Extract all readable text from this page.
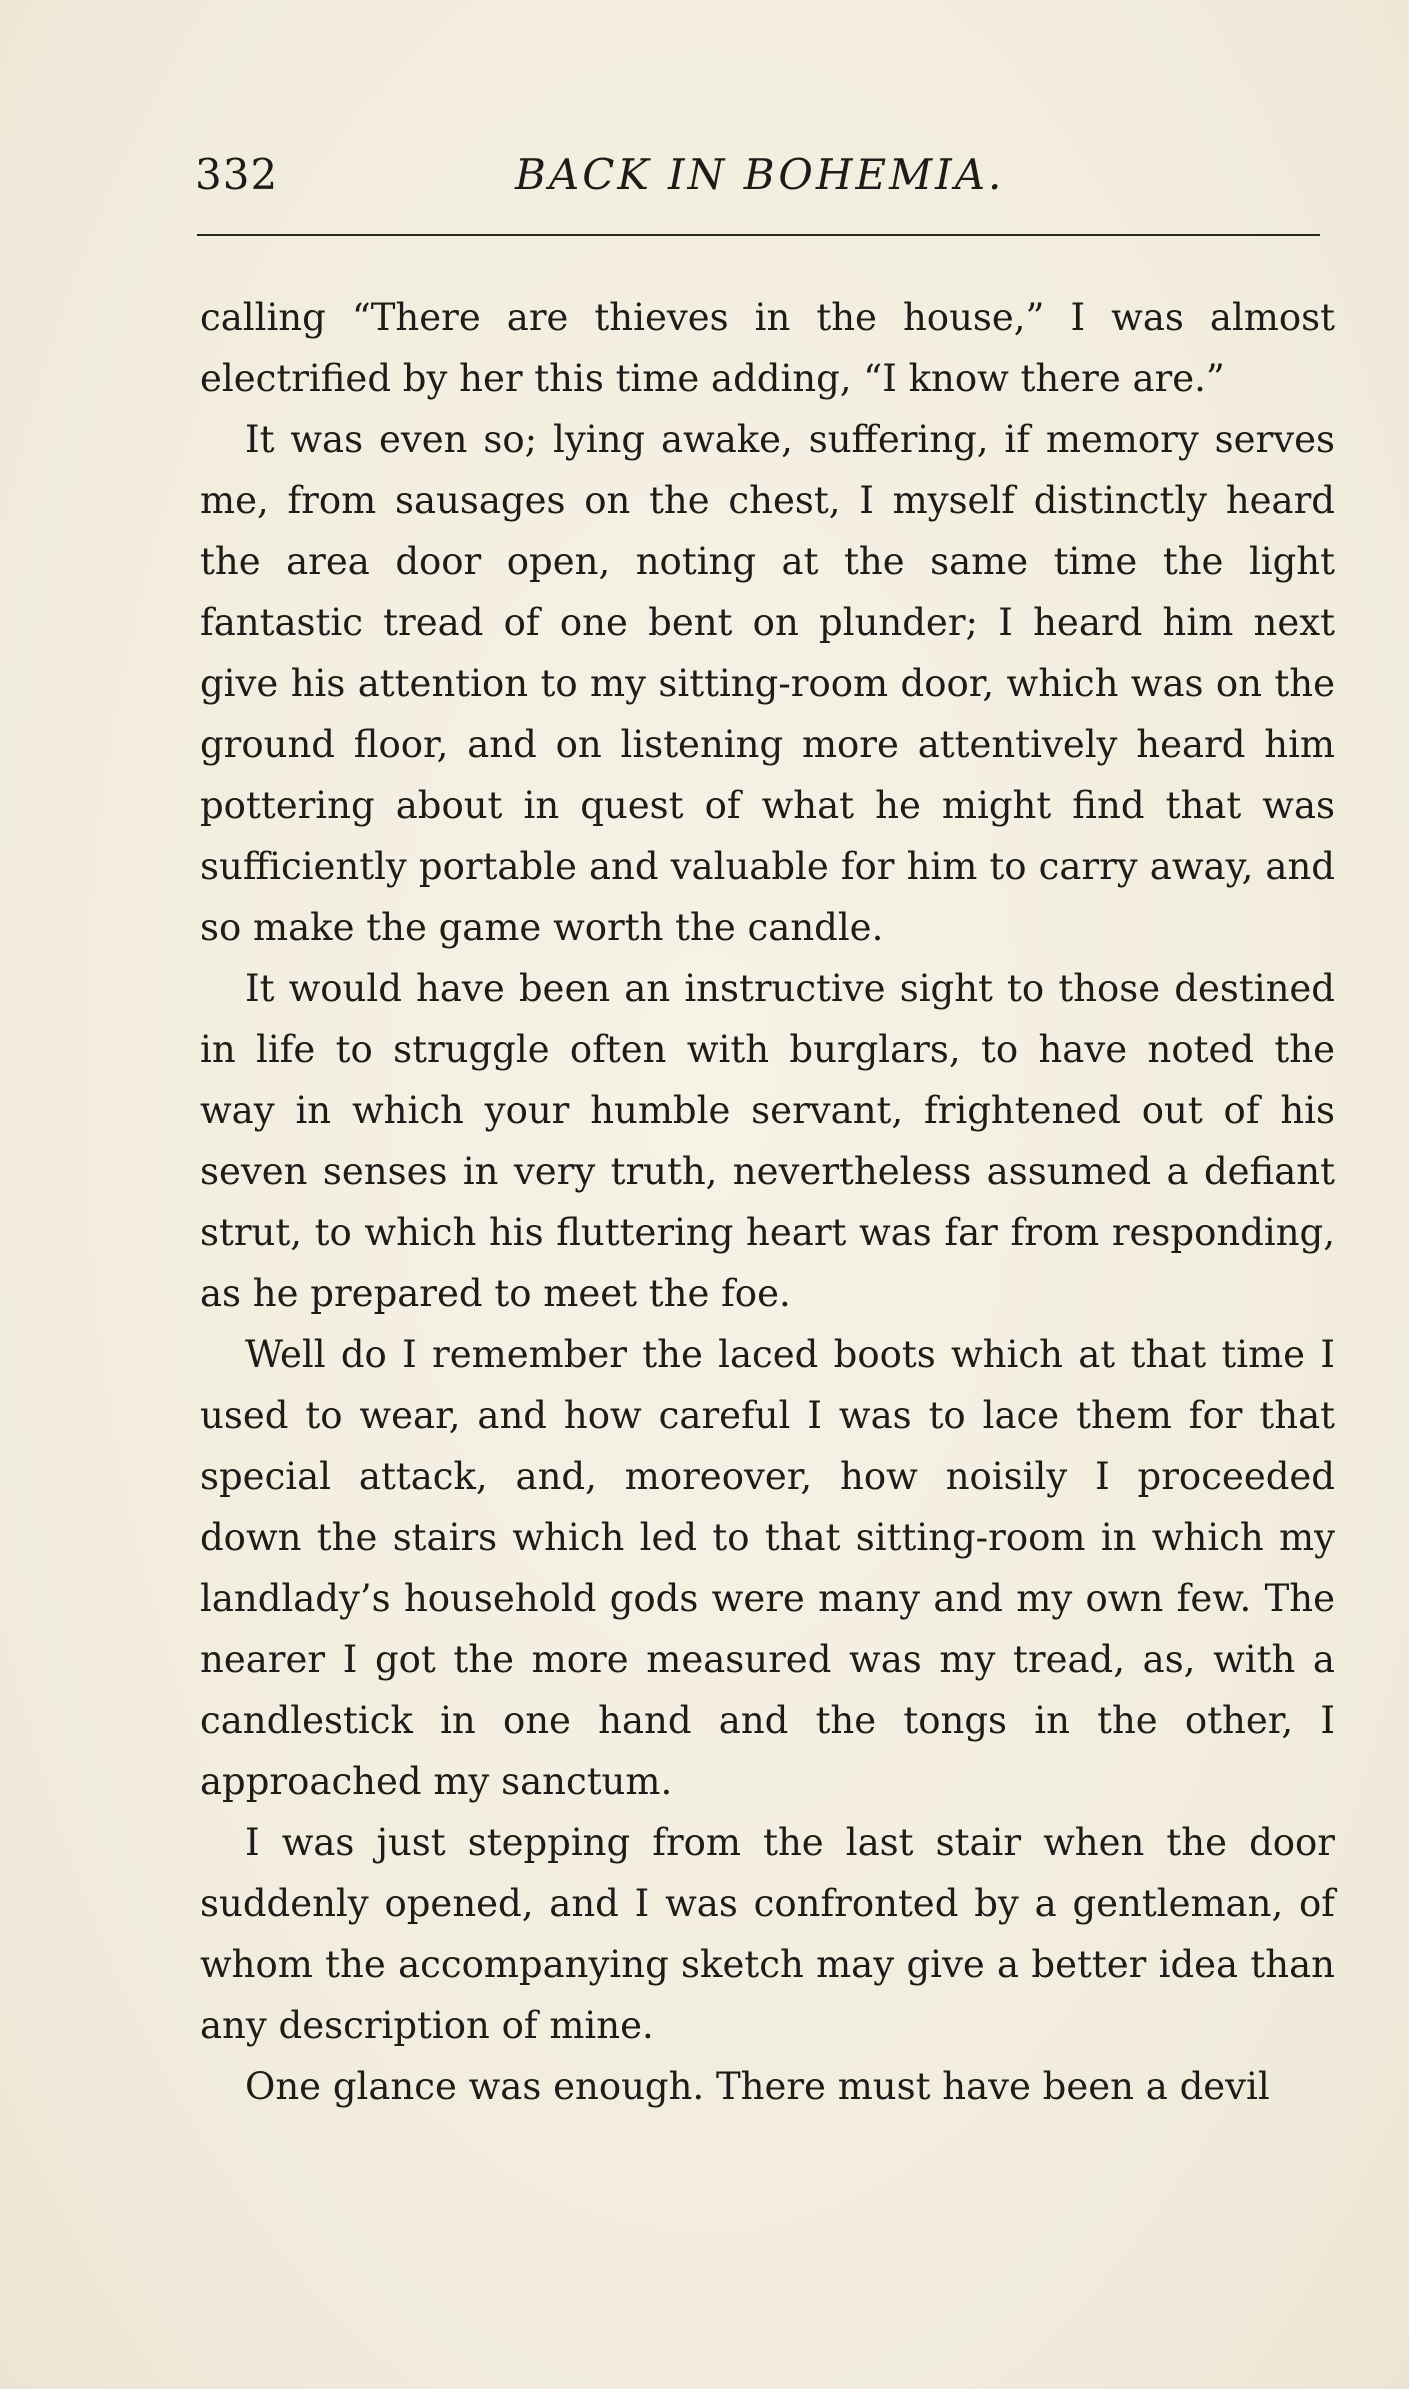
332	BACK IN BOHEMIA.

calling “There are thieves in the house,” I was almost electrified by her this time adding, “I know there are.”

It was even so; lying awake, suffering, if memory serves me, from sausages on the chest, I myself distinctly heard the area door open, noting at the same time the light fantastic tread of one bent on plunder; I heard him next give his attention to my sitting-room door, which was on the ground floor, and on listening more attentively heard him pottering about in quest of what he might find that was sufficiently portable and valuable for him to carry away, and so make the game worth the candle.

It would have been an instructive sight to those destined in life to struggle often with burglars, to have noted the way in which your humble servant, frightened out of his seven senses in very truth, nevertheless assumed a defiant strut, to which his fluttering heart was far from responding, as he prepared to meet the foe.

Well do I remember the laced boots which at that time I used to wear, and how careful I was to lace them for that special attack, and, moreover, how noisily I proceeded down the stairs which led to that sitting-room in which my landlady’s household gods were many and my own few. The nearer I got the more measured was my tread, as, with a candlestick in one hand and the tongs in the other, I approached my sanctum.

I was just stepping from the last stair when the door suddenly opened, and I was confronted by a gentleman, of whom the accompanying sketch may give a better idea than any description of mine.

One glance was enough. There must have been a devil
